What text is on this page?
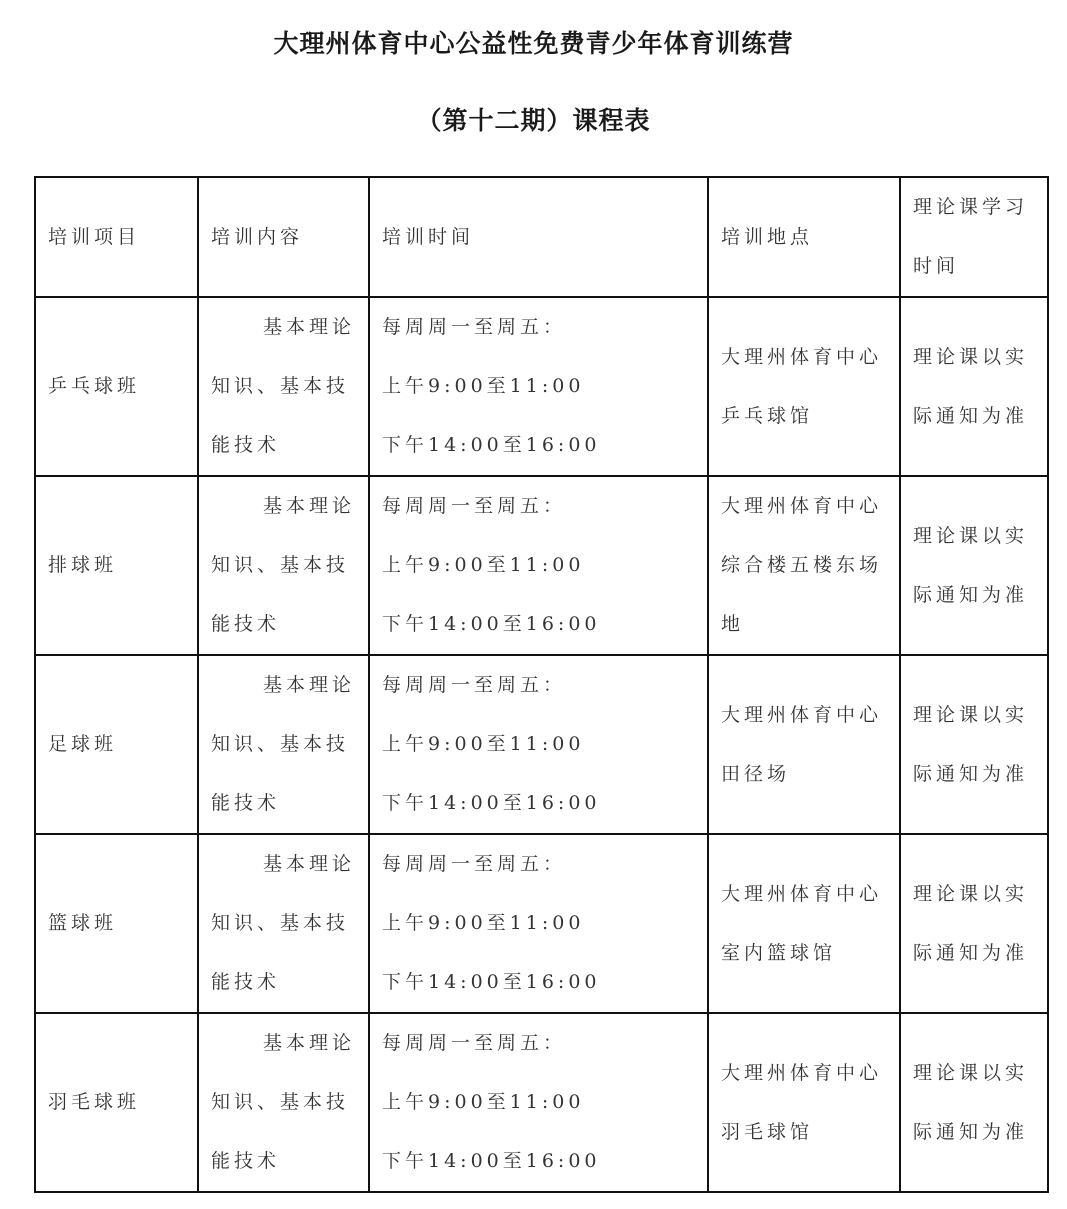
大理州体育中心公益性免费青少年体育训练营
（第十二期）课程表
培训项目	培训内容	培训时间	培训地点	理论课学习
时间

乒乓球班	基本理论
知识、基本技
能技术	每周周一至周五：
上午9:00至11:00
下午14:00至16:00	大理州体育中心
乒乓球馆	理论课以实
际通知为准

排球班	基本理论
知识、基本技
能技术	每周周一至周五：
上午9:00至11:00
下午14:00至16:00	大理州体育中心
综合楼五楼东场
地	理论课以实
际通知为准

足球班	基本理论
知识、基本技
能技术	每周周一至周五：
上午9:00至11:00
下午14:00至16:00	大理州体育中心
田径场	理论课以实
际通知为准

篮球班	基本理论
知识、基本技
能技术	每周周一至周五：
上午9:00至11:00
下午14:00至16:00	大理州体育中心
室内篮球馆	理论课以实
际通知为准

羽毛球班	基本理论
知识、基本技
能技术	每周周一至周五：
上午9:00至11:00
下午14:00至16:00	大理州体育中心
羽毛球馆	理论课以实
际通知为准
